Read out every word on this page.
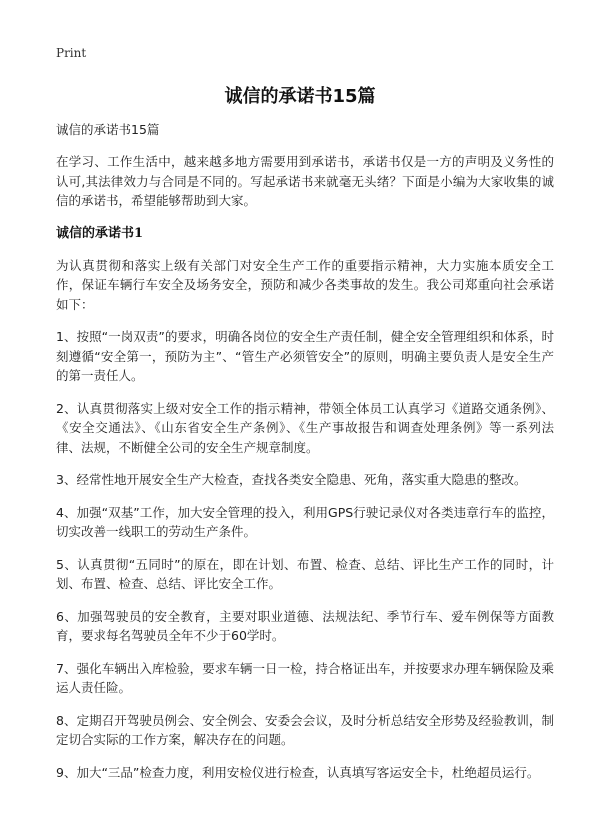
Print
诚信的承诺书15篇

诚信的承诺书15篇

在学习、工作生活中，越来越多地方需要用到承诺书，承诺书仅是一方的声明及义务性的认可,其法律效力与合同是不同的。写起承诺书来就毫无头绪？下面是小编为大家收集的诚信的承诺书，希望能够帮助到大家。

诚信的承诺书1

为认真贯彻和落实上级有关部门对安全生产工作的重要指示精神，大力实施本质安全工作，保证车辆行车安全及场务安全，预防和减少各类事故的发生。我公司郑重向社会承诺如下：

1、按照“一岗双责”的要求，明确各岗位的安全生产责任制，健全安全管理组织和体系，时刻遵循“安全第一，预防为主”、“管生产必须管安全”的原则，明确主要负责人是安全生产的第一责任人。

2、认真贯彻落实上级对安全工作的指示精神，带领全体员工认真学习《道路交通条例》、《安全交通法》、《山东省安全生产条例》、《生产事故报告和调查处理条例》等一系列法律、法规，不断健全公司的安全生产规章制度。

3、经常性地开展安全生产大检查，查找各类安全隐患、死角，落实重大隐患的整改。

4、加强“双基”工作，加大安全管理的投入，利用GPS行驶记录仪对各类违章行车的监控，切实改善一线职工的劳动生产条件。

5、认真贯彻“五同时”的原在，即在计划、布置、检查、总结、评比生产工作的同时，计划、布置、检查、总结、评比安全工作。

6、加强驾驶员的安全教育，主要对职业道德、法规法纪、季节行车、爱车例保等方面教育，要求每名驾驶员全年不少于60学时。

7、强化车辆出入库检验，要求车辆一日一检，持合格证出车，并按要求办理车辆保险及乘运人责任险。

8、定期召开驾驶员例会、安全例会、安委会会议，及时分析总结安全形势及经验教训，制定切合实际的工作方案，解决存在的问题。

9、加大“三品”检查力度，利用安检仪进行检查，认真填写客运安全卡，杜绝超员运行。
